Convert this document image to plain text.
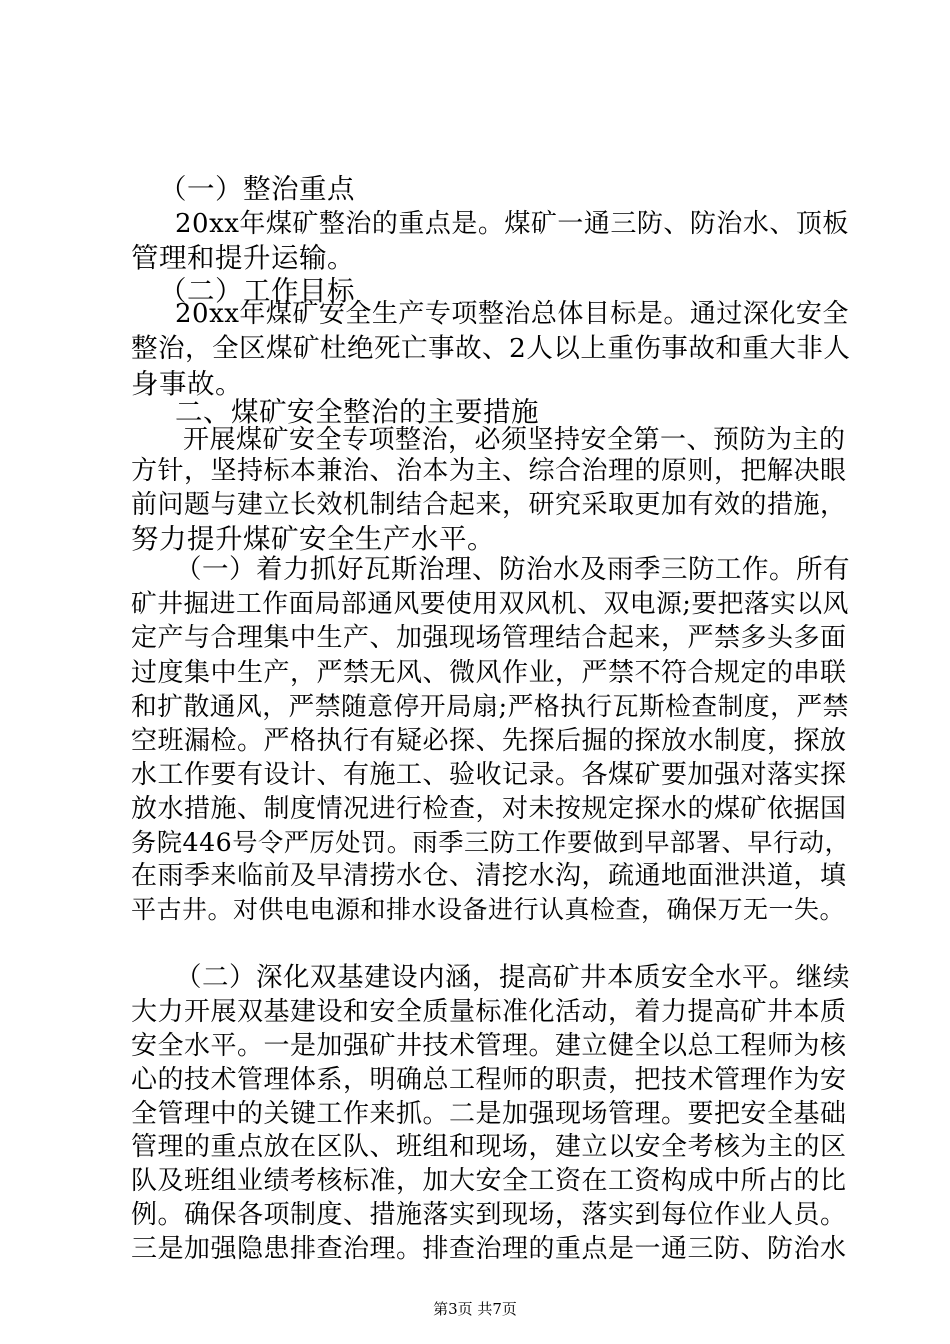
（一）整治重点
20xx年煤矿整治的重点是。煤矿一通三防、防治水、顶板
管理和提升运输。
（二）工作目标
20xx年煤矿安全生产专项整治总体目标是。通过深化安全
整治，全区煤矿杜绝死亡事故、2人以上重伤事故和重大非人
身事故。
二、煤矿安全整治的主要措施
开展煤矿安全专项整治，必须坚持安全第一、预防为主的
方针，坚持标本兼治、治本为主、综合治理的原则，把解决眼
前问题与建立长效机制结合起来，研究采取更加有效的措施，
努力提升煤矿安全生产水平。
（一）着力抓好瓦斯治理、防治水及雨季三防工作。所有
矿井掘进工作面局部通风要使用双风机、双电源;要把落实以风
定产与合理集中生产、加强现场管理结合起来，严禁多头多面
过度集中生产，严禁无风、微风作业，严禁不符合规定的串联
和扩散通风，严禁随意停开局扇;严格执行瓦斯检查制度，严禁
空班漏检。严格执行有疑必探、先探后掘的探放水制度，探放
水工作要有设计、有施工、验收记录。各煤矿要加强对落实探
放水措施、制度情况进行检查，对未按规定探水的煤矿依据国
务院446号令严厉处罚。雨季三防工作要做到早部署、早行动，
在雨季来临前及早清捞水仓、清挖水沟，疏通地面泄洪道，填
平古井。对供电电源和排水设备进行认真检查，确保万无一失。
（二）深化双基建设内涵，提高矿井本质安全水平。继续
大力开展双基建设和安全质量标准化活动，着力提高矿井本质
安全水平。一是加强矿井技术管理。建立健全以总工程师为核
心的技术管理体系，明确总工程师的职责，把技术管理作为安
全管理中的关键工作来抓。二是加强现场管理。要把安全基础
管理的重点放在区队、班组和现场，建立以安全考核为主的区
队及班组业绩考核标准，加大安全工资在工资构成中所占的比
例。确保各项制度、措施落实到现场，落实到每位作业人员。
三是加强隐患排查治理。排查治理的重点是一通三防、防治水
第3页 共7页
